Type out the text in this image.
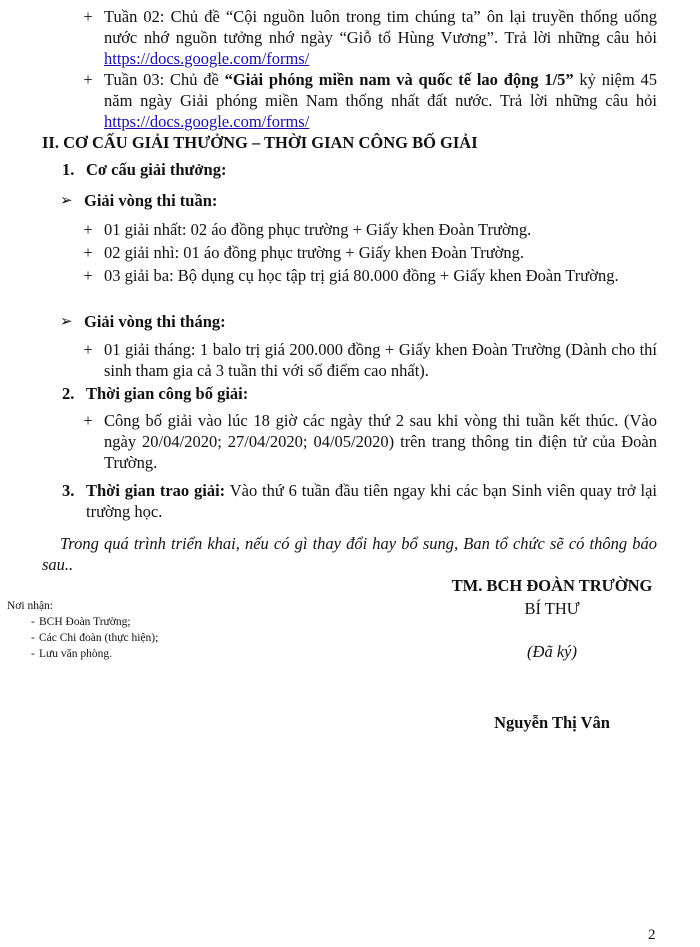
+ Tuần 02: Chủ đề “Cội nguồn luôn trong tim chúng ta” ôn lại truyền thống uống nước nhớ nguồn tưởng nhớ ngày “Giỗ tổ Hùng Vương”. Trả lời những câu hỏi https://docs.google.com/forms/
+ Tuần 03: Chủ đề “Giải phóng miền nam và quốc tế lao động 1/5” kỷ niệm 45 năm ngày Giải phóng miền Nam thống nhất đất nước. Trả lời những câu hỏi https://docs.google.com/forms/
II. CƠ CẤU GIẢI THƯỞNG – THỜI GIAN CÔNG BỐ GIẢI
1. Cơ cấu giải thưởng:
➢ Giải vòng thi tuần:
+ 01 giải nhất: 02 áo đồng phục trường + Giấy khen Đoàn Trường.
+ 02 giải nhì: 01 áo đồng phục trường + Giấy khen Đoàn Trường.
+ 03 giải ba: Bộ dụng cụ học tập trị giá 80.000 đồng + Giấy khen Đoàn Trường.
➢ Giải vòng thi tháng:
+ 01 giải tháng: 1 balo trị giá 200.000 đồng + Giấy khen Đoàn Trường (Dành cho thí sinh tham gia cả 3 tuần thi với số điểm cao nhất).
2. Thời gian công bố giải:
+ Công bố giải vào lúc 18 giờ các ngày thứ 2 sau khi vòng thi tuần kết thúc. (Vào ngày 20/04/2020; 27/04/2020; 04/05/2020) trên trang thông tin điện tử của Đoàn Trường.
3. Thời gian trao giải: Vào thứ 6 tuần đầu tiên ngay khi các bạn Sinh viên quay trở lại trường học.
Trong quá trình triển khai, nếu có gì thay đổi hay bổ sung, Ban tổ chức sẽ có thông báo sau..
TM. BCH ĐOÀN TRƯỜNG
BÍ THƯ
(Đã ký)
Nguyễn Thị Vân
Nơi nhận:
- BCH Đoàn Trường;
- Các Chi đoàn (thực hiện);
- Lưu văn phòng.
2
